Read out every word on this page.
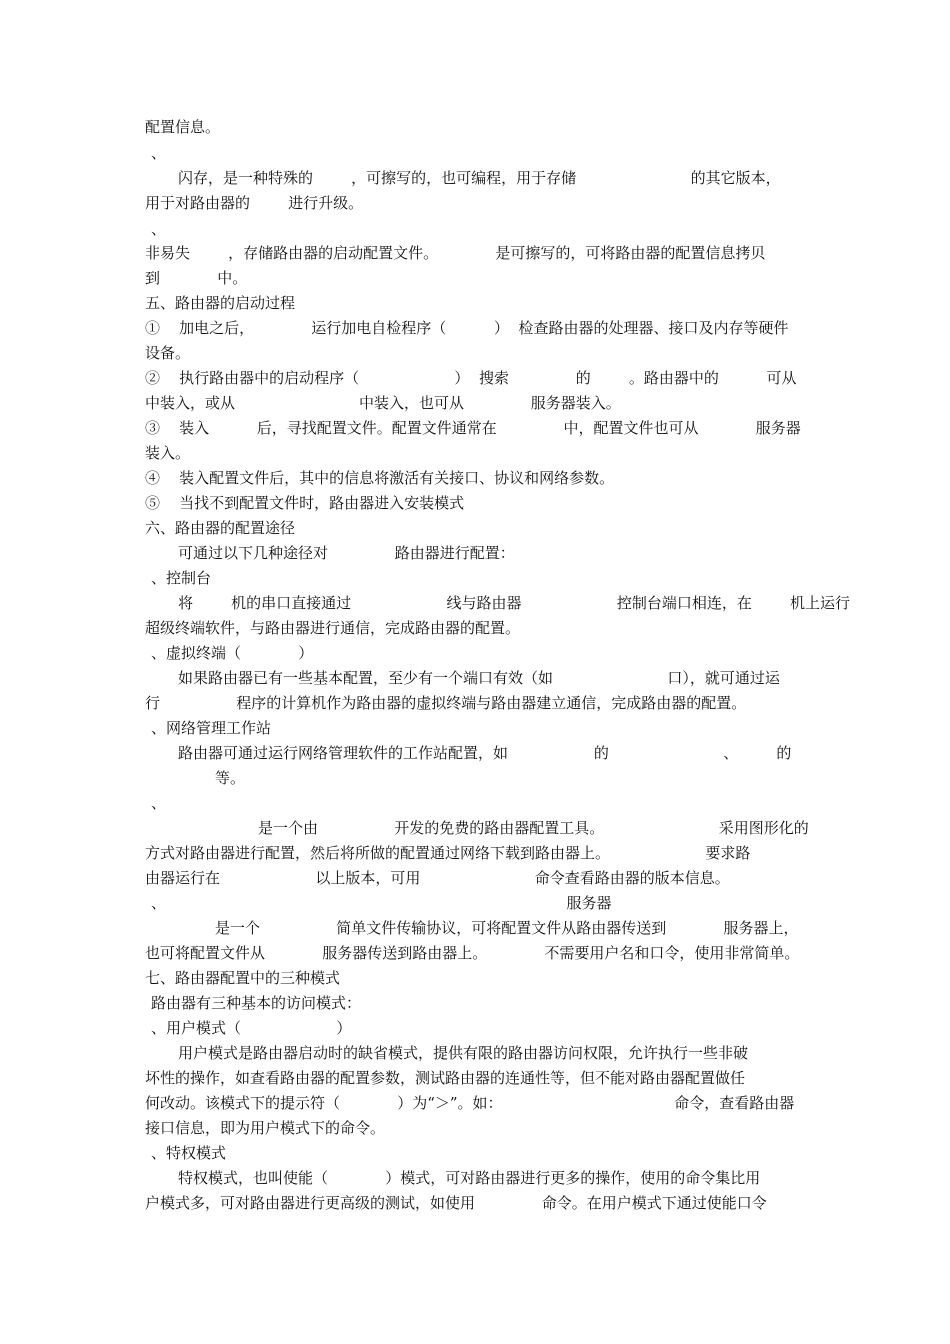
配置信息。
、
闪存，是一种特殊的        ，可擦写的，也可编程，用于存储                        的其它版本，
用于对路由器的        进行升级。
、
非易失        ，存储路由器的启动配置文件。            是可擦写的，可将路由器的配置信息拷贝
到            中。
五、路由器的启动过程
①    加电之后，            运行加电自检程序（          ）  检查路由器的处理器、接口及内存等硬件
设备。
②    执行路由器中的启动程序（                    ）  搜索              的        。路由器中的          可从
中装入，或从                          中装入，也可从              服务器装入。
③    装入          后，寻找配置文件。配置文件通常在              中，配置文件也可从            服务器
装入。
④    装入配置文件后，其中的信息将激活有关接口、协议和网络参数。
⑤    当找不到配置文件时，路由器进入安装模式
六、路由器的配置途径
可通过以下几种途径对              路由器进行配置：
、控制台
将        机的串口直接通过                    线与路由器                    控制台端口相连，在        机上运行
超级终端软件，与路由器进行通信，完成路由器的配置。
、虚拟终端（            ）
如果路由器已有一些基本配置，至少有一个端口有效（如                        口），就可通过运
行                程序的计算机作为路由器的虚拟终端与路由器建立通信，完成路由器的配置。
、网络管理工作站
路由器可通过运行网络管理软件的工作站配置，如                  的                        、        的
等。
、
是一个由                开发的免费的路由器配置工具。                        采用图形化的
方式对路由器进行配置，然后将所做的配置通过网络下载到路由器上。                    要求路
由器运行在                    以上版本，可用                        命令查看路由器的版本信息。
、                                                                                    服务器
是一个                简单文件传输协议，可将配置文件从路由器传送到            服务器上，
也可将配置文件从            服务器传送到路由器上。            不需要用户名和口令，使用非常简单。
七、路由器配置中的三种模式
路由器有三种基本的访问模式：
、用户模式（                    ）
用户模式是路由器启动时的缺省模式，提供有限的路由器访问权限，允许执行一些非破
坏性的操作，如查看路由器的配置参数，测试路由器的连通性等，但不能对路由器配置做任
何改动。该模式下的提示符（            ）为“＞”。如：                                    命令，查看路由器
接口信息，即为用户模式下的命令。
、特权模式
特权模式，也叫使能（            ）模式，可对路由器进行更多的操作，使用的命令集比用
户模式多，可对路由器进行更高级的测试，如使用              命令。在用户模式下通过使能口令
